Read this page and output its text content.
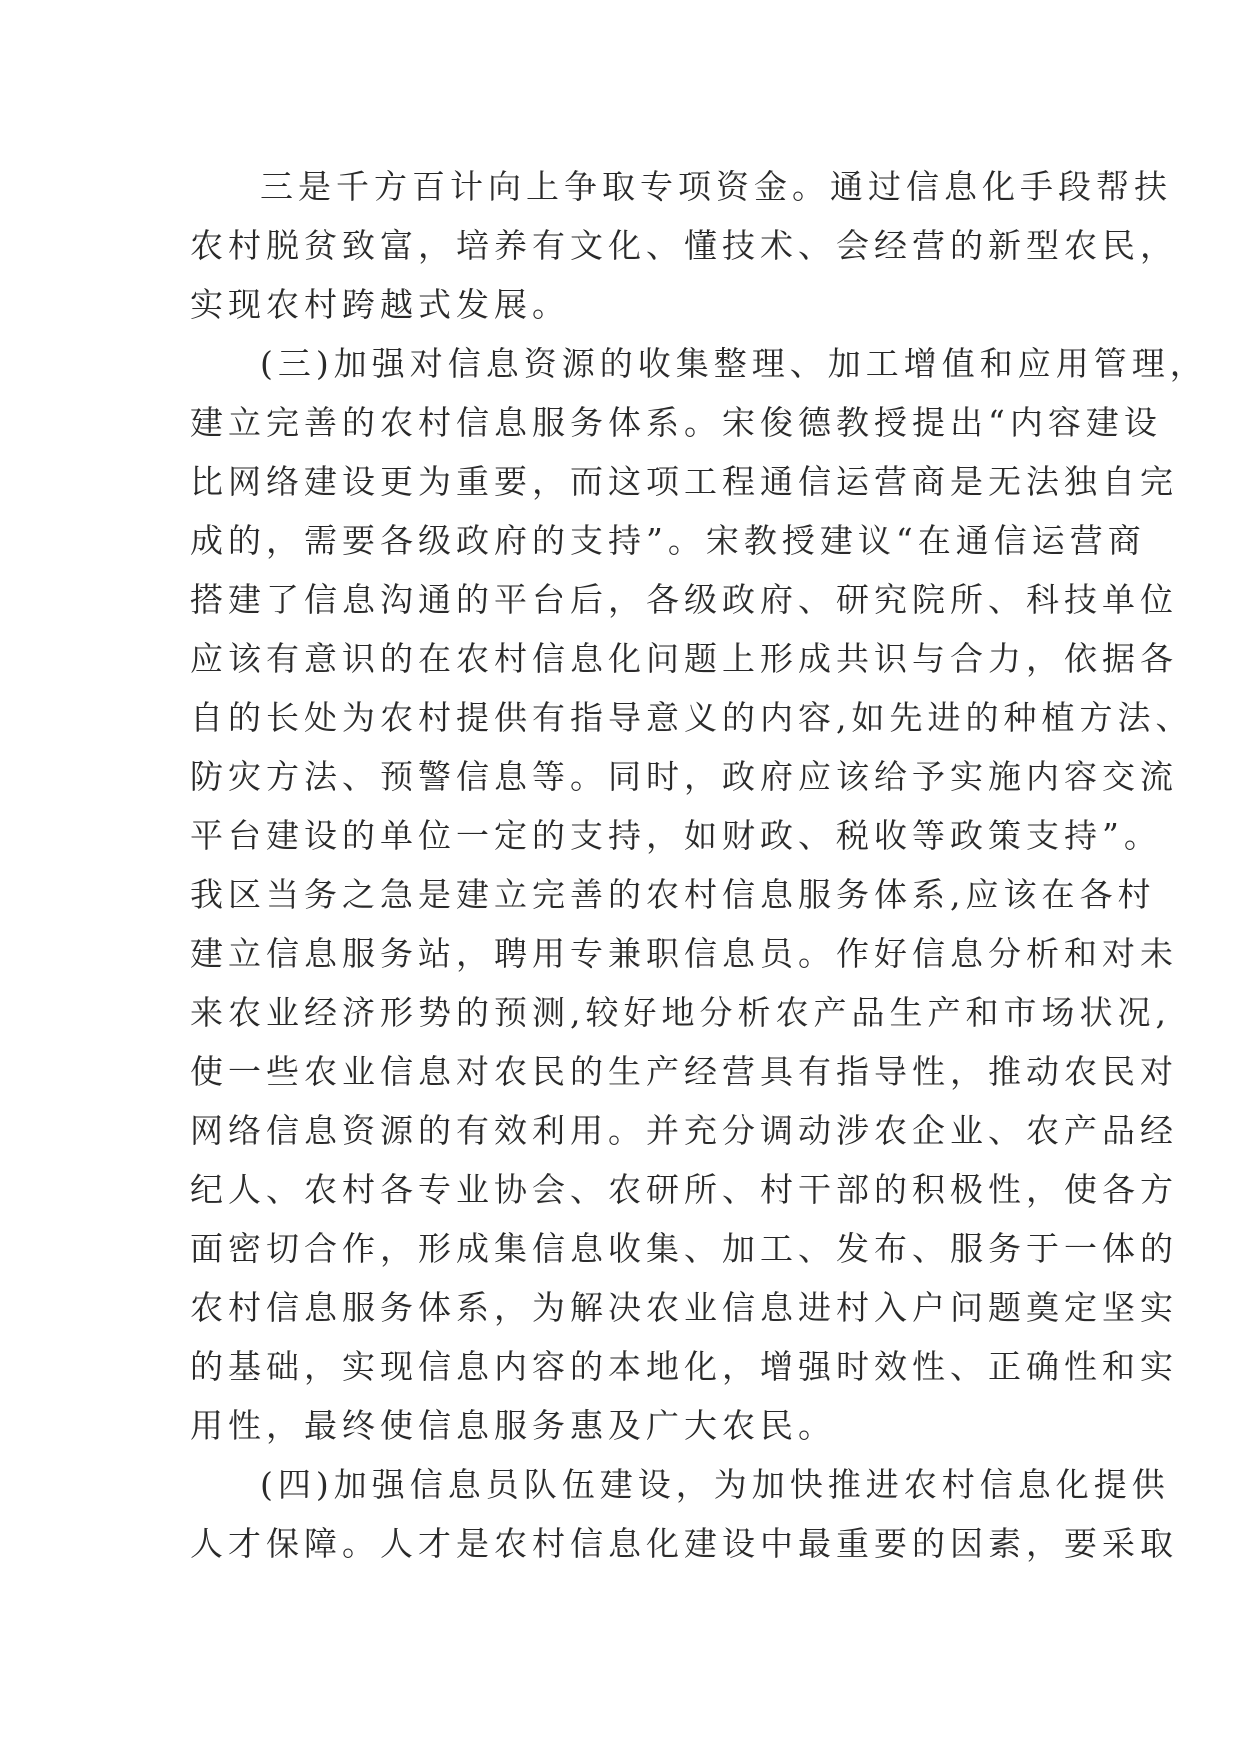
三是千方百计向上争取专项资金。通过信息化手段帮扶
农村脱贫致富，培养有文化、懂技术、会经营的新型农民，
实现农村跨越式发展。

(三)加强对信息资源的收集整理、加工增值和应用管理，
建立完善的农村信息服务体系。宋俊德教授提出“内容建设
比网络建设更为重要，而这项工程通信运营商是无法独自完
成的，需要各级政府的支持”。宋教授建议“在通信运营商
搭建了信息沟通的平台后，各级政府、研究院所、科技单位
应该有意识的在农村信息化问题上形成共识与合力，依据各
自的长处为农村提供有指导意义的内容,如先进的种植方法、
防灾方法、预警信息等。同时，政府应该给予实施内容交流
平台建设的单位一定的支持，如财政、税收等政策支持”。
我区当务之急是建立完善的农村信息服务体系,应该在各村
建立信息服务站，聘用专兼职信息员。作好信息分析和对未
来农业经济形势的预测,较好地分析农产品生产和市场状况,
使一些农业信息对农民的生产经营具有指导性，推动农民对
网络信息资源的有效利用。并充分调动涉农企业、农产品经
纪人、农村各专业协会、农研所、村干部的积极性，使各方
面密切合作，形成集信息收集、加工、发布、服务于一体的
农村信息服务体系，为解决农业信息进村入户问题奠定坚实
的基础，实现信息内容的本地化，增强时效性、正确性和实
用性，最终使信息服务惠及广大农民。

(四)加强信息员队伍建设，为加快推进农村信息化提供
人才保障。人才是农村信息化建设中最重要的因素，要采取
